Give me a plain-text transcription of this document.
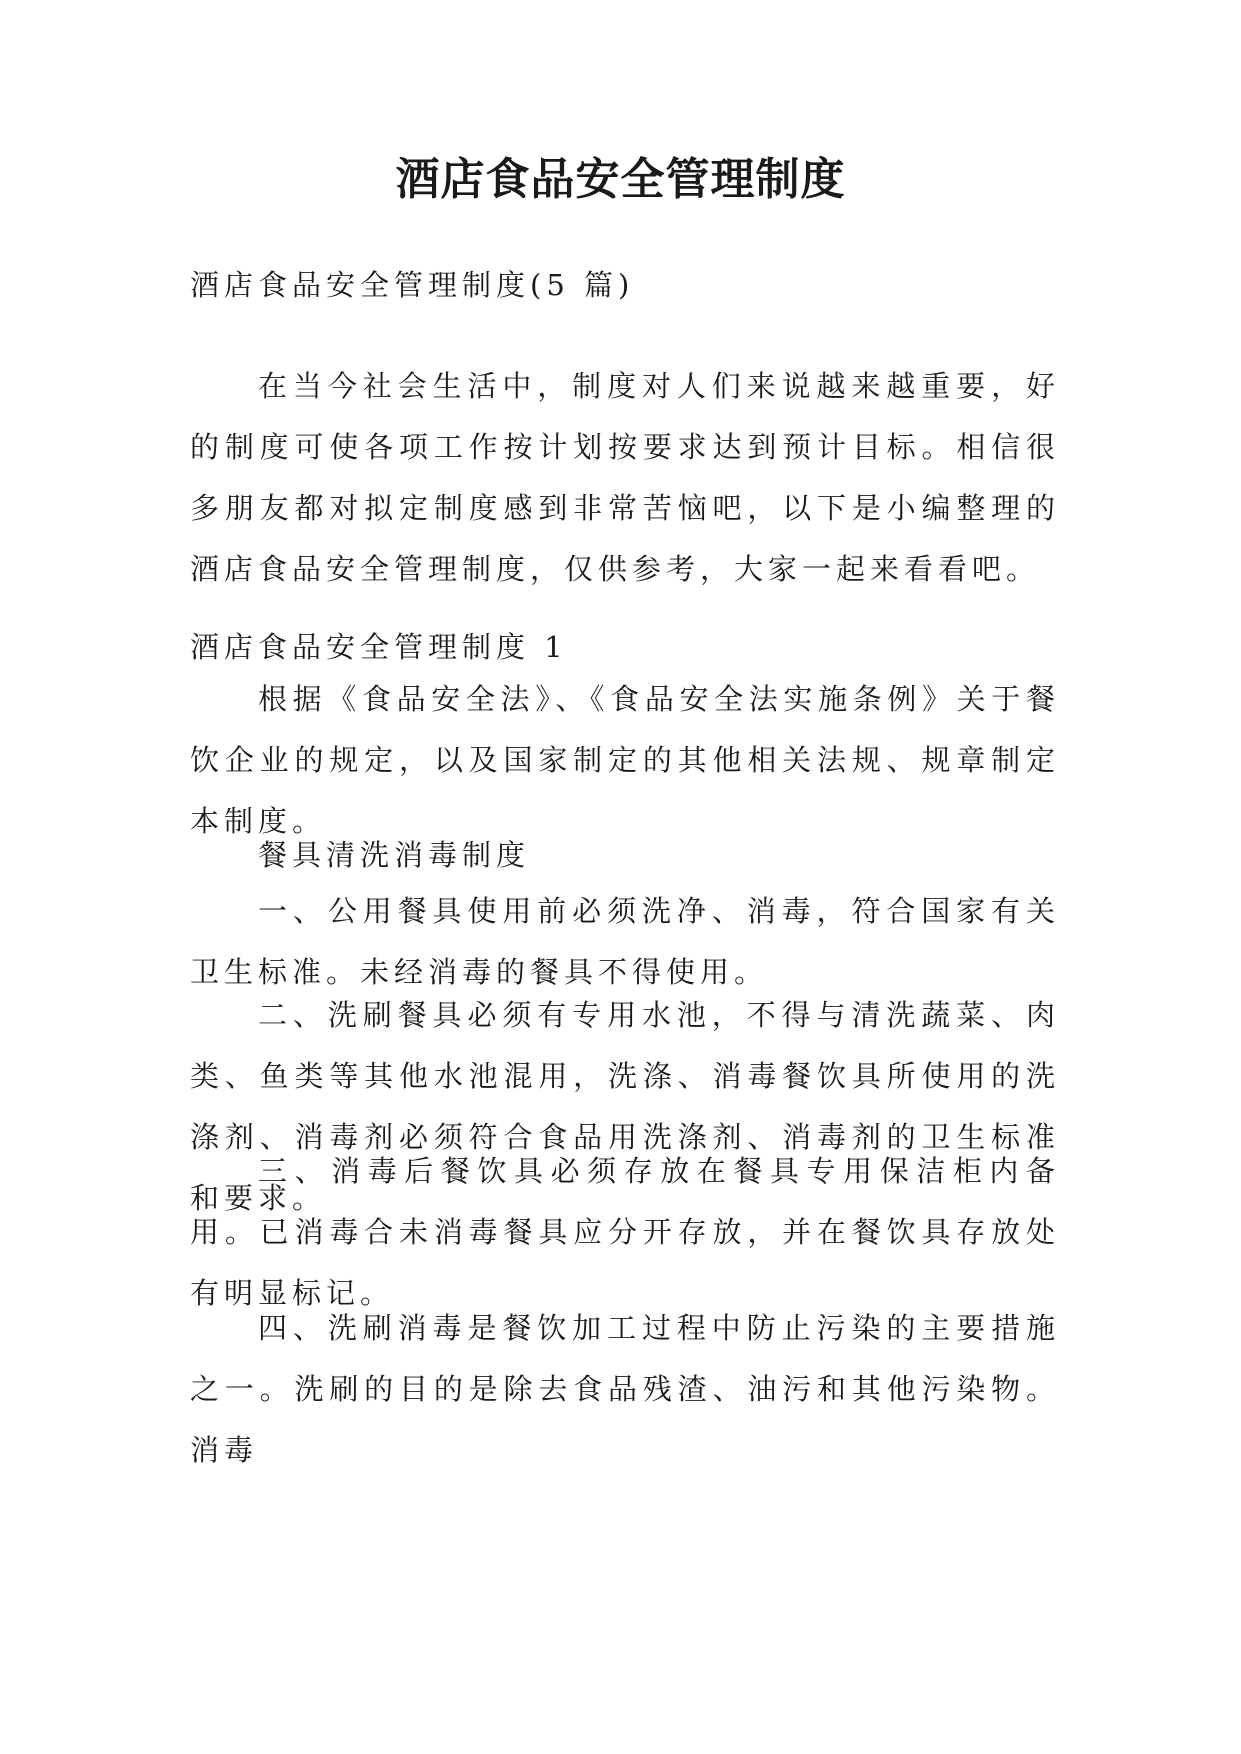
酒店食品安全管理制度

酒店食品安全管理制度(5 篇)

在当今社会生活中，制度对人们来说越来越重要，好的制度可使各项工作按计划按要求达到预计目标。相信很多朋友都对拟定制度感到非常苦恼吧，以下是小编整理的酒店食品安全管理制度，仅供参考，大家一起来看看吧。

酒店食品安全管理制度 1

根据《食品安全法》、《食品安全法实施条例》关于餐饮企业的规定，以及国家制定的其他相关法规、规章制定本制度。

餐具清洗消毒制度

一、公用餐具使用前必须洗净、消毒，符合国家有关卫生标准。未经消毒的餐具不得使用。

二、洗刷餐具必须有专用水池，不得与清洗蔬菜、肉类、鱼类等其他水池混用，洗涤、消毒餐饮具所使用的洗涤剂、消毒剂必须符合食品用洗涤剂、消毒剂的卫生标准和要求。

三、消毒后餐饮具必须存放在餐具专用保洁柜内备用。已消毒合未消毒餐具应分开存放，并在餐饮具存放处有明显标记。

四、洗刷消毒是餐饮加工过程中防止污染的主要措施之一。洗刷的目的是除去食品残渣、油污和其他污染物。消毒
